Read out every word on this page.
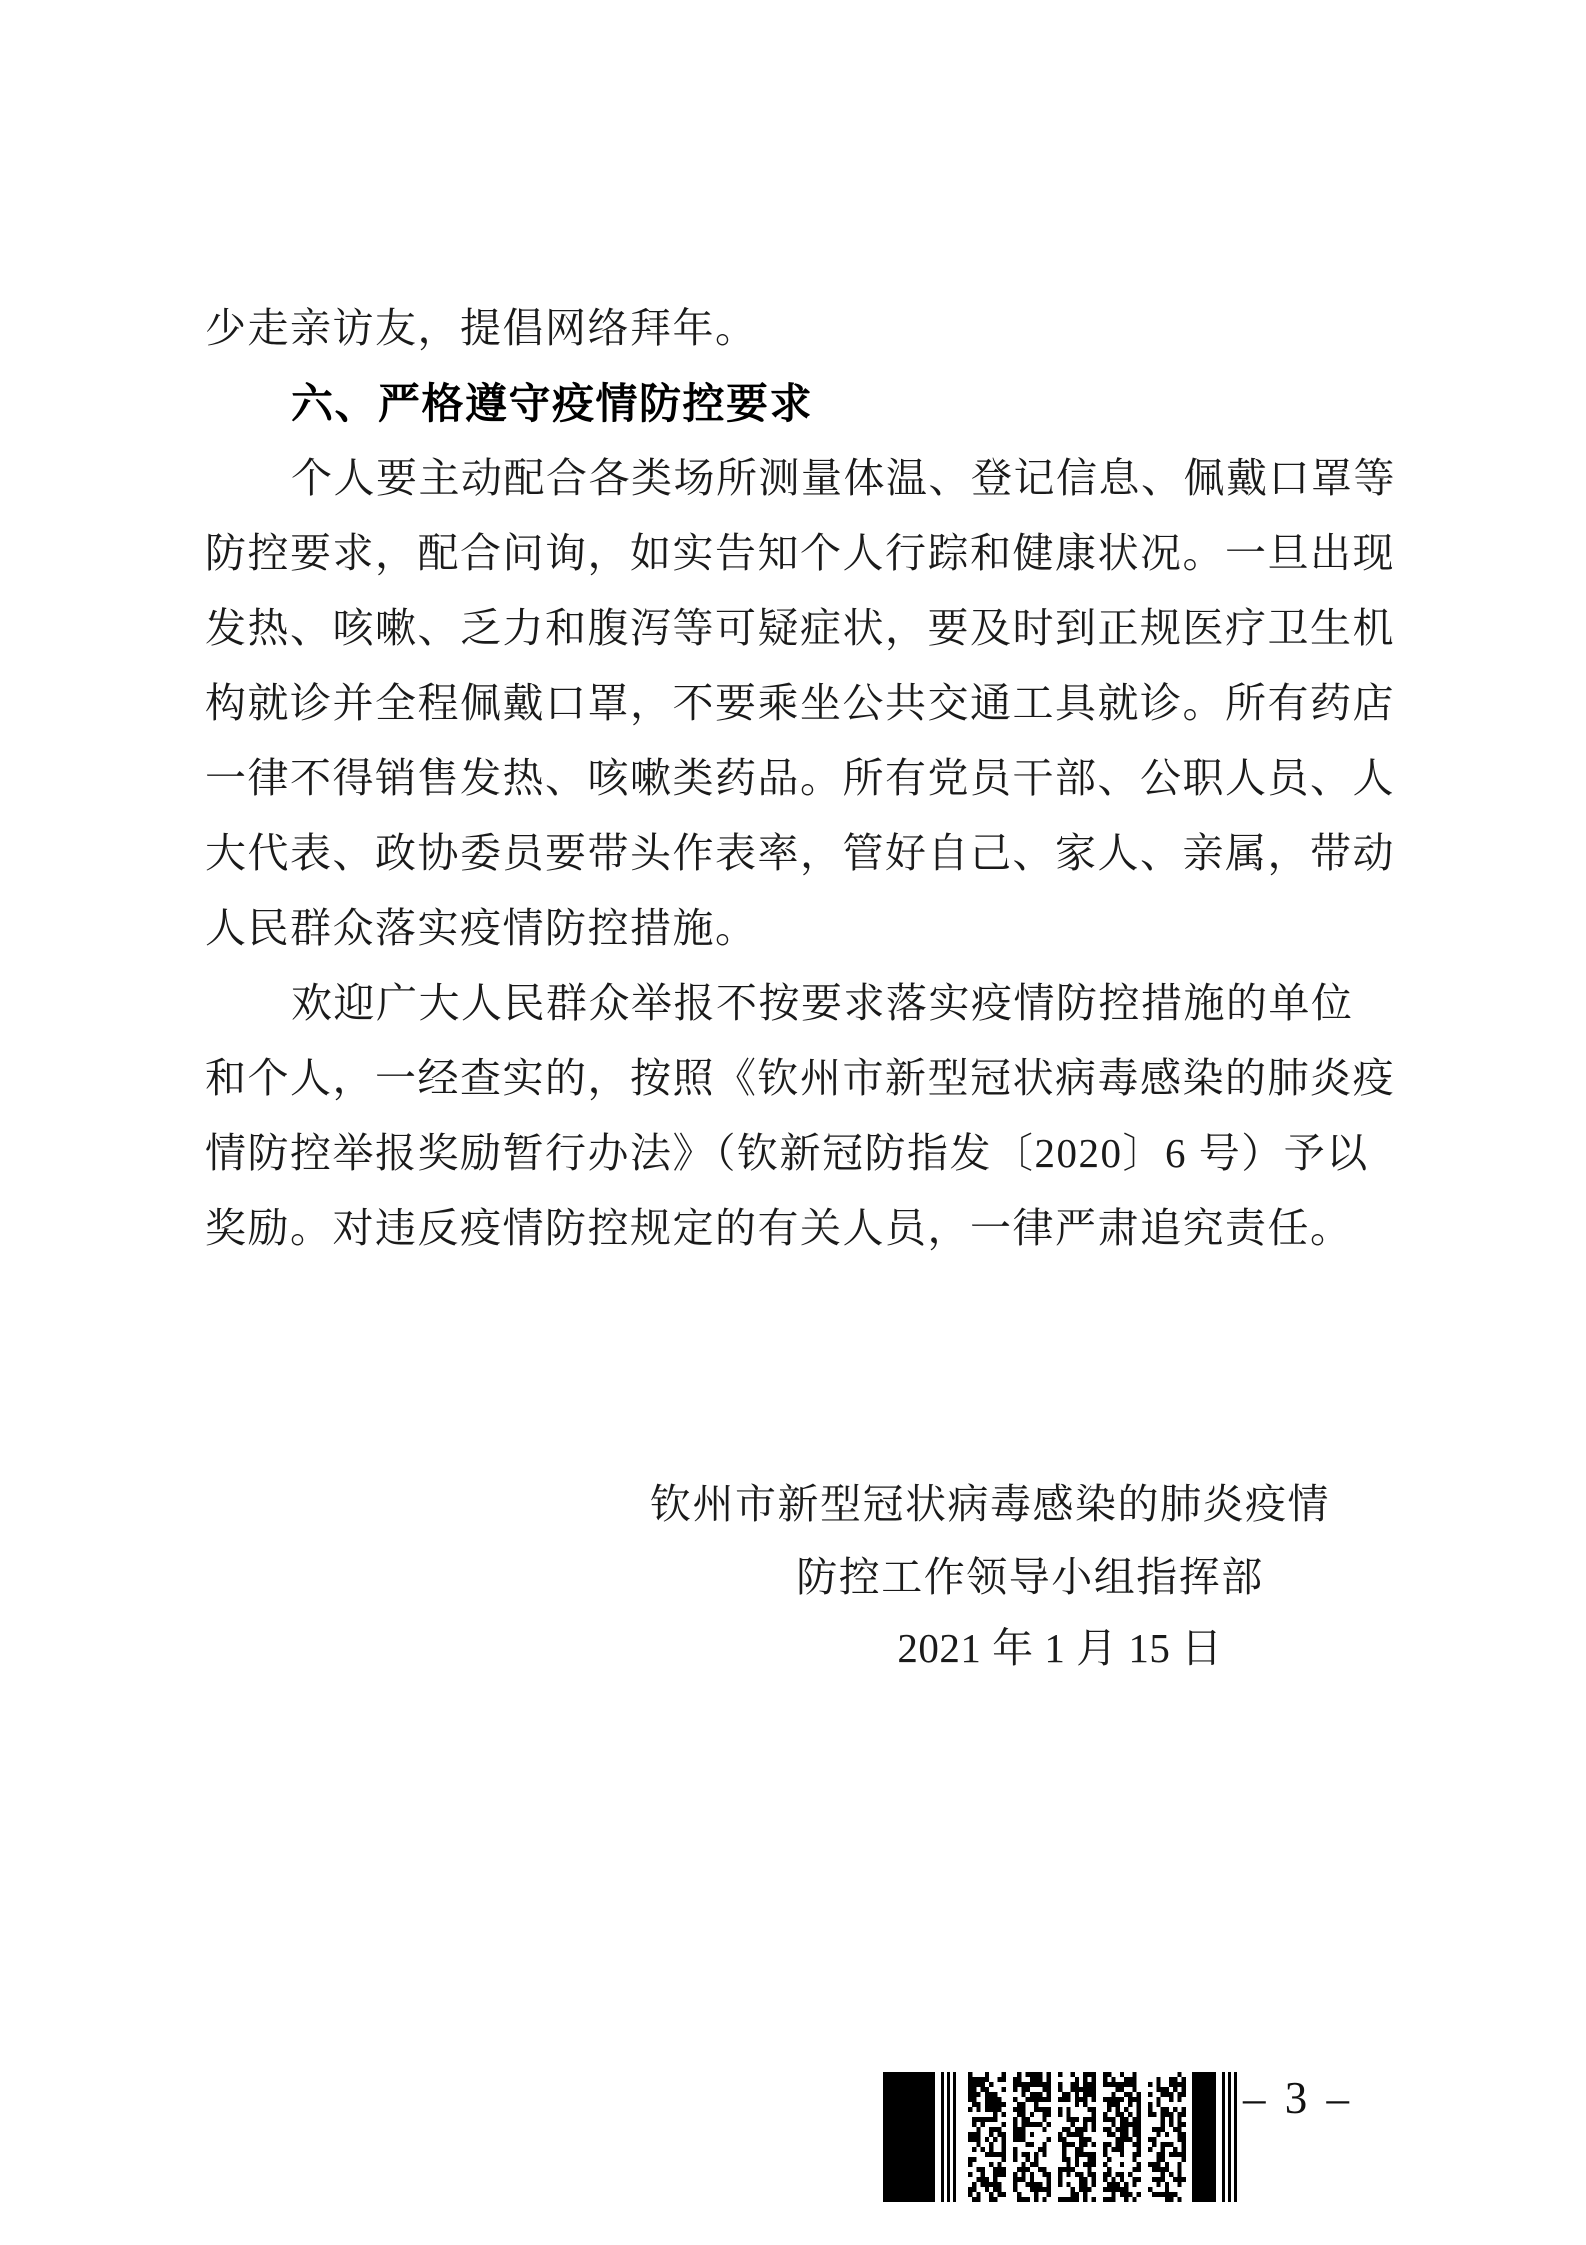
少走亲访友，提倡网络拜年。
六、严格遵守疫情防控要求
个人要主动配合各类场所测量体温、登记信息、佩戴口罩等
防控要求，配合问询，如实告知个人行踪和健康状况。一旦出现
发热、咳嗽、乏力和腹泻等可疑症状，要及时到正规医疗卫生机
构就诊并全程佩戴口罩，不要乘坐公共交通工具就诊。所有药店
一律不得销售发热、咳嗽类药品。所有党员干部、公职人员、人
大代表、政协委员要带头作表率，管好自己、家人、亲属，带动
人民群众落实疫情防控措施。
欢迎广大人民群众举报不按要求落实疫情防控措施的单位
和个人，一经查实的，按照《钦州市新型冠状病毒感染的肺炎疫
情防控举报奖励暂行办法》（钦新冠防指发〔2020〕6 号）予以
奖励。对违反疫情防控规定的有关人员，一律严肃追究责任。
钦州市新型冠状病毒感染的肺炎疫情
防控工作领导小组指挥部
2021 年 1 月 15 日
– 3 –
